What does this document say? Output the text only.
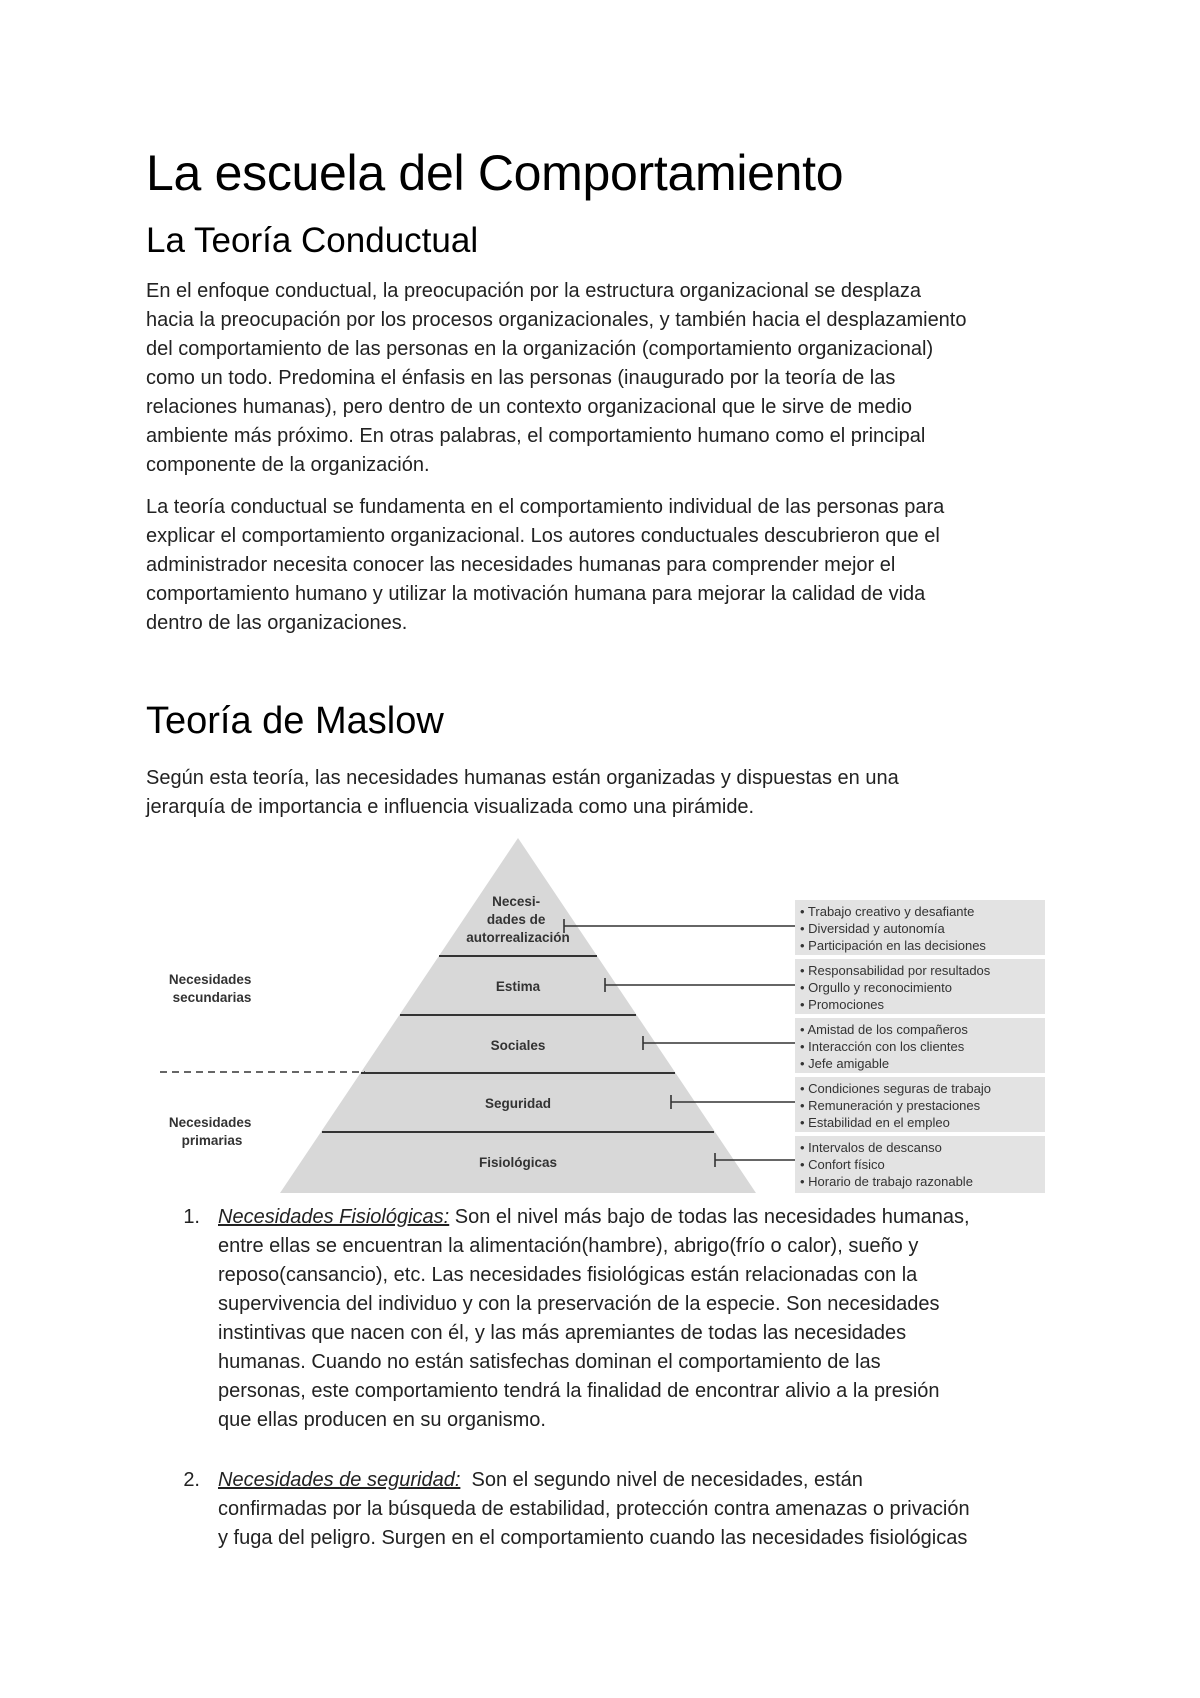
La escuela del Comportamiento
La Teoría Conductual
En el enfoque conductual, la preocupación por la estructura organizacional se desplaza
hacia la preocupación por los procesos organizacionales, y también hacia el desplazamiento
del comportamiento de las personas en la organización (comportamiento organizacional)
como un todo. Predomina el énfasis en las personas (inaugurado por la teoría de las
relaciones humanas), pero dentro de un contexto organizacional que le sirve de medio
ambiente más próximo. En otras palabras, el comportamiento humano como el principal
componente de la organización.
La teoría conductual se fundamenta en el comportamiento individual de las personas para
explicar el comportamiento organizacional. Los autores conductuales descubrieron que el
administrador necesita conocer las necesidades humanas para comprender mejor el
comportamiento humano y utilizar la motivación humana para mejorar la calidad de vida
dentro de las organizaciones.
Teoría de Maslow
Según esta teoría, las necesidades humanas están organizadas y dispuestas en una
jerarquía de importancia e influencia visualizada como una pirámide.
Necesidades secundarias
Necesidades primarias
Necesi- dades de autorrealización
Estima
Sociales
Seguridad
Fisiológicas
• Trabajo creativo y desafiante • Diversidad y autonomía • Participación en las decisiones
• Responsabilidad por resultados • Orgullo y reconocimiento • Promociones
• Amistad de los compañeros • Interacción con los clientes • Jefe amigable
• Condiciones seguras de trabajo • Remuneración y prestaciones • Estabilidad en el empleo
• Intervalos de descanso • Confort físico • Horario de trabajo razonable
1. Necesidades Fisiológicas: Son el nivel más bajo de todas las necesidades humanas,
entre ellas se encuentran la alimentación(hambre), abrigo(frío o calor), sueño y
reposo(cansancio), etc. Las necesidades fisiológicas están relacionadas con la
supervivencia del individuo y con la preservación de la especie. Son necesidades
instintivas que nacen con él, y las más apremiantes de todas las necesidades
humanas. Cuando no están satisfechas dominan el comportamiento de las
personas, este comportamiento tendrá la finalidad de encontrar alivio a la presión
que ellas producen en su organismo.
2. Necesidades de seguridad:  Son el segundo nivel de necesidades, están
confirmadas por la búsqueda de estabilidad, protección contra amenazas o privación
y fuga del peligro. Surgen en el comportamiento cuando las necesidades fisiológicas
